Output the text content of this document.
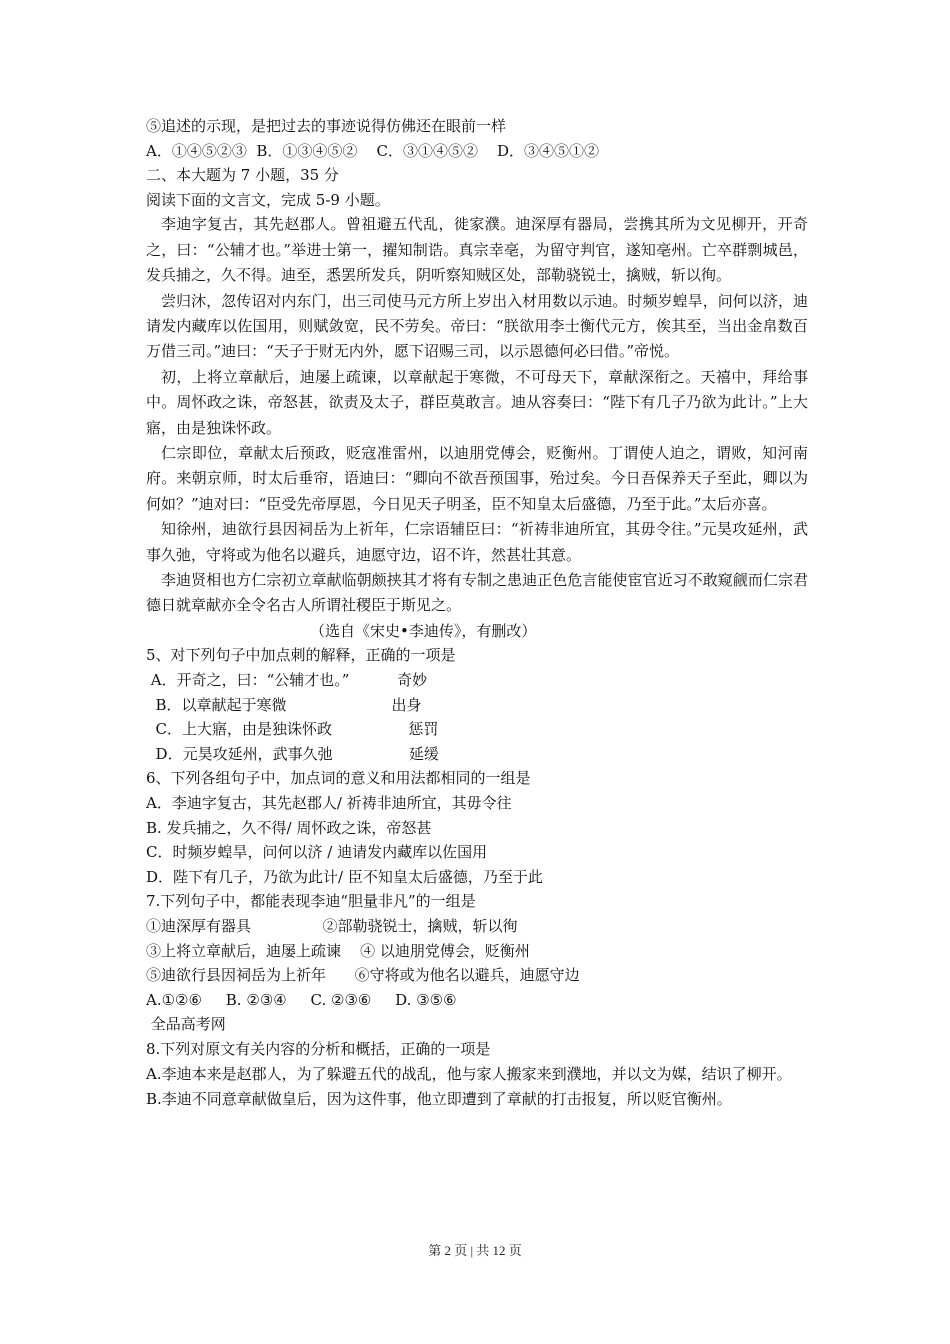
⑤追述的示现，是把过去的事迹说得仿佛还在眼前一样

A．①④⑤②③  B．①③④⑤②    C．③①④⑤②    D．③④⑤①②

二、本大题为 7 小题，35 分

阅读下面的文言文，完成 5-9 小题。

李迪字复古，其先赵郡人。曾祖避五代乱，徙家濮。迪深厚有器局，尝携其所为文见柳开，开奇之，曰：“公辅才也。”举进士第一，擢知制诰。真宗幸亳，为留守判官，遂知亳州。亡卒群剽城邑，发兵捕之，久不得。迪至，悉罢所发兵，阴听察知贼区处，部勒骁锐士，擒贼，斩以徇。

尝归沐，忽传诏对内东门，出三司使马元方所上岁出入材用数以示迪。时频岁蝗旱，问何以济，迪请发内藏库以佐国用，则赋敛宽，民不劳矣。帝曰：“朕欲用李士衡代元方，俟其至，当出金帛数百万借三司。”迪曰：“天子于财无内外，愿下诏赐三司，以示恩德何必曰借。”帝悦。

初，上将立章献后，迪屡上疏谏，以章献起于寒微，不可母天下，章献深衔之。天禧中，拜给事中。周怀政之诛，帝怒甚，欲责及太子，群臣莫敢言。迪从容奏曰：“陛下有几子乃欲为此计。”上大寤，由是独诛怀政。

仁宗即位，章献太后预政，贬寇准雷州，以迪朋党傅会，贬衡州。丁谓使人迫之，谓败，知河南府。来朝京师，时太后垂帘，语迪曰：“卿向不欲吾预国事，殆过矣。今日吾保养天子至此，卿以为何如？”迪对曰：“臣受先帝厚恩，今日见天子明圣，臣不知皇太后盛德，乃至于此。”太后亦喜。

知徐州，迪欲行县因祠岳为上祈年，仁宗语辅臣曰：“祈祷非迪所宜，其毋令往。”元昊攻延州，武事久弛，守将或为他名以避兵，迪愿守边，诏不许，然甚壮其意。

李迪贤相也方仁宗初立章献临朝颇挟其才将有专制之患迪正色危言能使宦官近习不敢窥觎而仁宗君德日就章献亦全令名古人所谓社稷臣于斯见之。

（选自《宋史•李迪传》，有删改）

5、对下列句子中加点刺的解释，正确的一项是

A．开奇之，曰：“公辅才也。”
	奇妙
B．以章献起于寒微
	出身
C．上大寤，由是独诛怀政
	惩罚
D．元昊攻延州，武事久弛
	延缓

6、下列各组句子中，加点词的意义和用法都相同的一组是

A．李迪字复古，其先赵郡人/ 祈祷非迪所宜，其毋令往

B. 发兵捕之，久不得/ 周怀政之诛，帝怒甚

C．时频岁蝗旱，问何以济 / 迪请发内藏库以佐国用

D．陛下有几子，乃欲为此计/ 臣不知皇太后盛德，乃至于此

7.下列句子中，都能表现李迪“胆量非凡”的一组是

①迪深厚有器具               ②部勒骁锐士，擒贼，斩以徇

③上将立章献后，迪屡上疏谏    ④ 以迪朋党傅会，贬衡州

⑤迪欲行县因祠岳为上祈年      ⑥守将或为他名以避兵，迪愿守边

A.①②⑥     B. ②③④     C. ②③⑥     D. ③⑤⑥

全品高考网

8.下列对原文有关内容的分析和概括，正确的一项是

A.李迪本来是赵郡人，为了躲避五代的战乱，他与家人搬家来到濮地，并以文为媒，结识了柳开。

B.李迪不同意章献做皇后，因为这件事，他立即遭到了章献的打击报复，所以贬官衡州。

第 2 页 | 共 12 页
